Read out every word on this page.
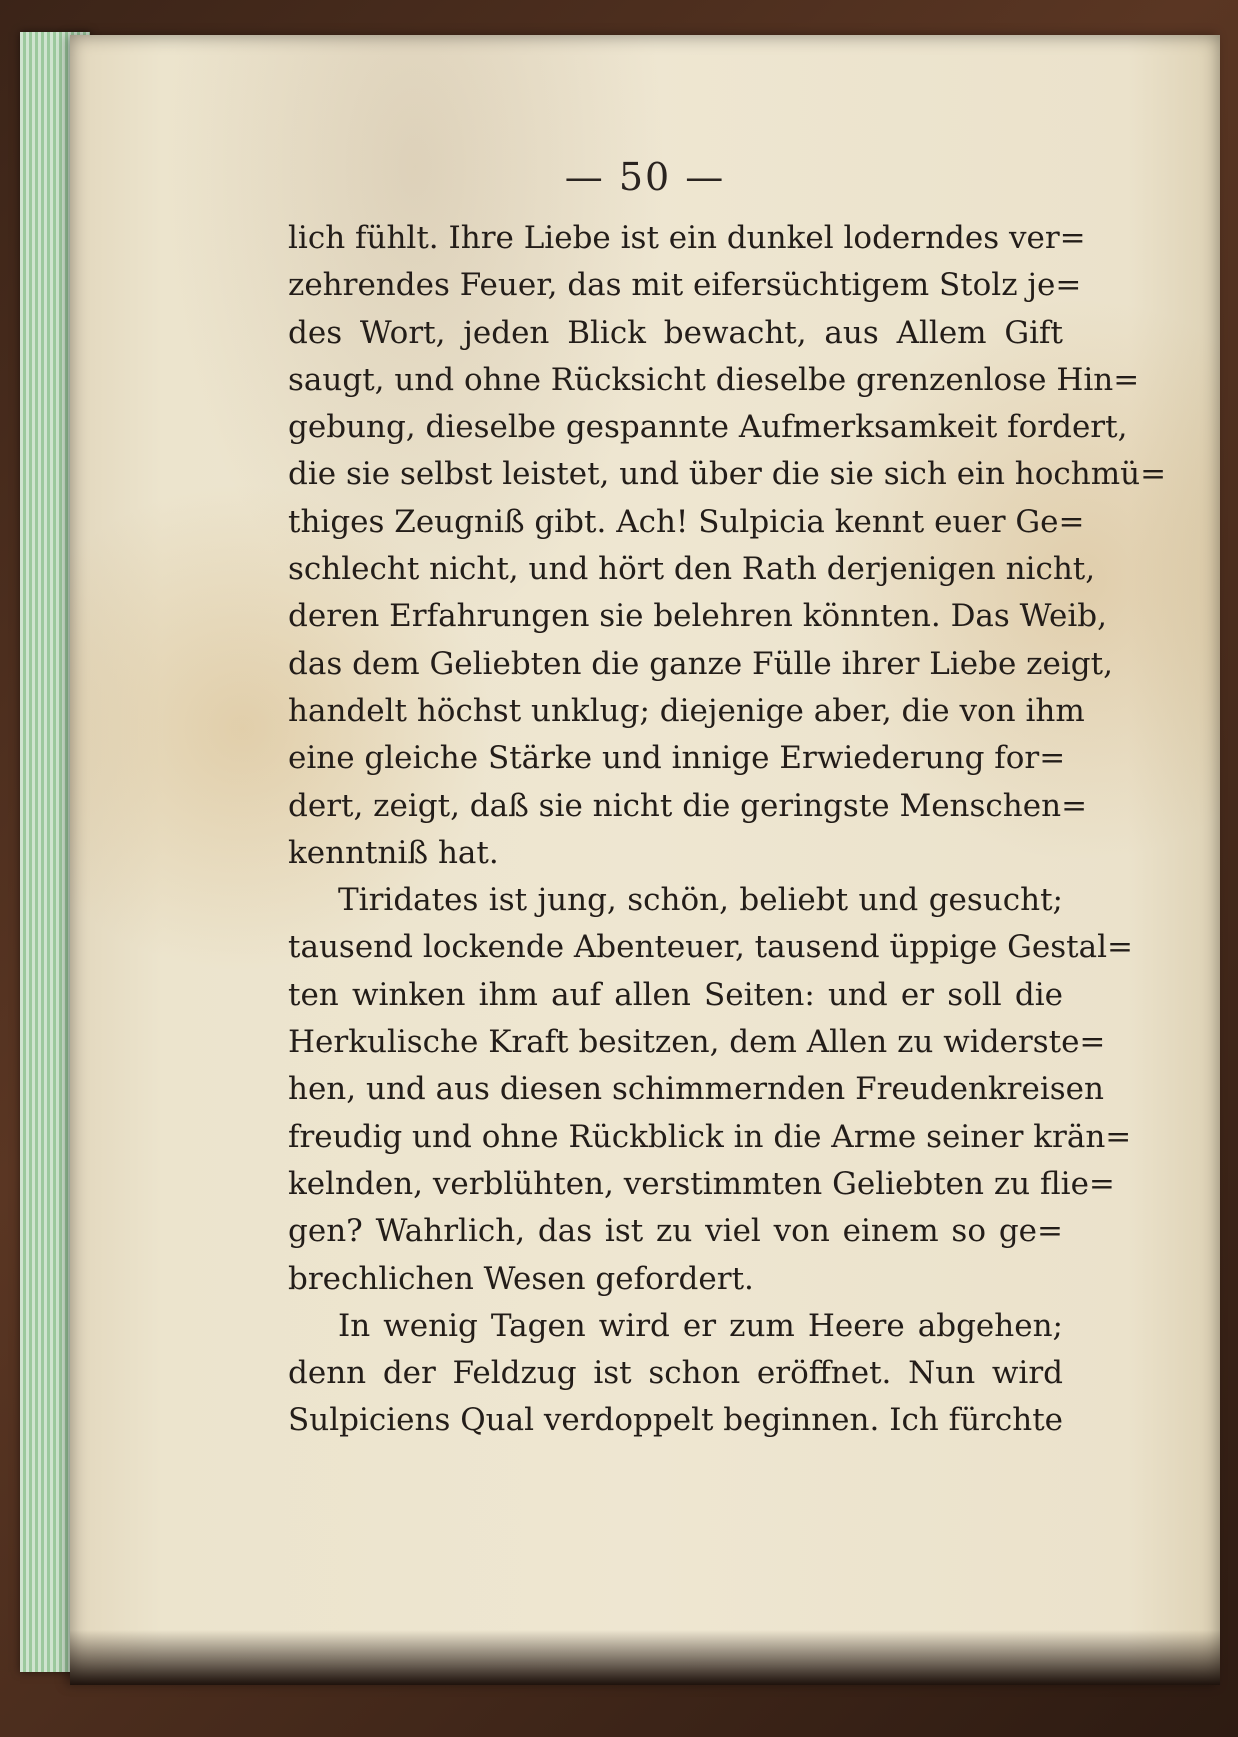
— 50 —
lich fühlt. Ihre Liebe ist ein dunkel loderndes ver=
zehrendes Feuer, das mit eifersüchtigem Stolz je=
des Wort, jeden Blick bewacht, aus Allem Gift
saugt, und ohne Rücksicht dieselbe grenzenlose Hin=
gebung, dieselbe gespannte Aufmerksamkeit fordert,
die sie selbst leistet, und über die sie sich ein hochmü=
thiges Zeugniß gibt. Ach! Sulpicia kennt euer Ge=
schlecht nicht, und hört den Rath derjenigen nicht,
deren Erfahrungen sie belehren könnten. Das Weib,
das dem Geliebten die ganze Fülle ihrer Liebe zeigt,
handelt höchst unklug; diejenige aber, die von ihm
eine gleiche Stärke und innige Erwiederung for=
dert, zeigt, daß sie nicht die geringste Menschen=
kenntniß hat.
Tiridates ist jung, schön, beliebt und gesucht;
tausend lockende Abenteuer, tausend üppige Gestal=
ten winken ihm auf allen Seiten: und er soll die
Herkulische Kraft besitzen, dem Allen zu widerste=
hen, und aus diesen schimmernden Freudenkreisen
freudig und ohne Rückblick in die Arme seiner krän=
kelnden, verblühten, verstimmten Geliebten zu flie=
gen? Wahrlich, das ist zu viel von einem so ge=
brechlichen Wesen gefordert.
In wenig Tagen wird er zum Heere abgehen;
denn der Feldzug ist schon eröffnet. Nun wird
Sulpiciens Qual verdoppelt beginnen. Ich fürchte
